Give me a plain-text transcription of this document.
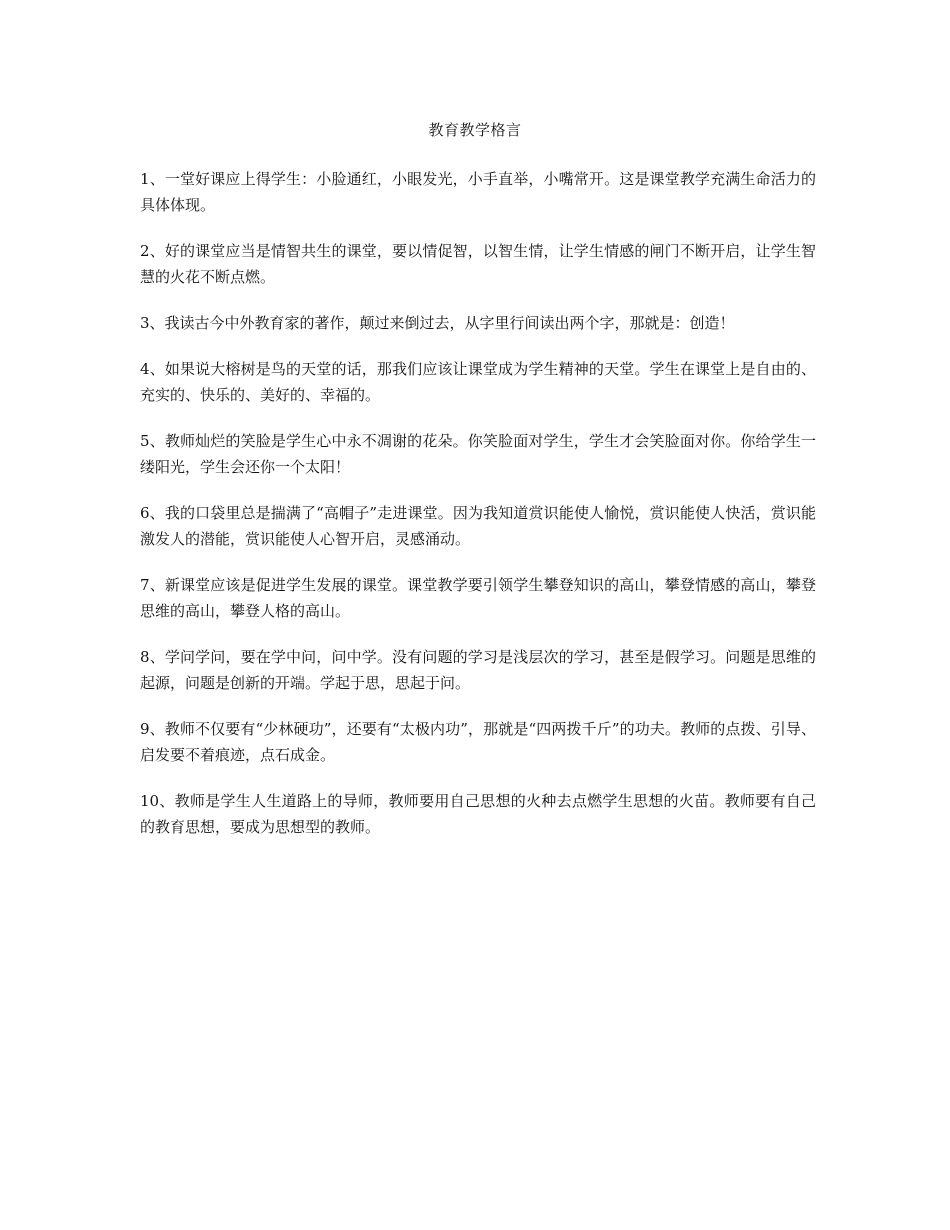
教育教学格言

1、一堂好课应上得学生：小脸通红，小眼发光，小手直举，小嘴常开。这是课堂教学充满生命活力的具体体现。

2、好的课堂应当是情智共生的课堂，要以情促智，以智生情，让学生情感的闸门不断开启，让学生智慧的火花不断点燃。

3、我读古今中外教育家的著作，颠过来倒过去，从字里行间读出两个字，那就是：创造！

4、如果说大榕树是鸟的天堂的话，那我们应该让课堂成为学生精神的天堂。学生在课堂上是自由的、充实的、快乐的、美好的、幸福的。

5、教师灿烂的笑脸是学生心中永不凋谢的花朵。你笑脸面对学生，学生才会笑脸面对你。你给学生一缕阳光，学生会还你一个太阳！

6、我的口袋里总是揣满了“高帽子”走进课堂。因为我知道赏识能使人愉悦，赏识能使人快活，赏识能激发人的潜能，赏识能使人心智开启，灵感涌动。

7、新课堂应该是促进学生发展的课堂。课堂教学要引领学生攀登知识的高山，攀登情感的高山，攀登思维的高山，攀登人格的高山。

8、学问学问，要在学中问，问中学。没有问题的学习是浅层次的学习，甚至是假学习。问题是思维的起源，问题是创新的开端。学起于思，思起于问。

9、教师不仅要有“少林硬功”，还要有“太极内功”，那就是“四两拨千斤”的功夫。教师的点拨、引导、启发要不着痕迹，点石成金。

10、教师是学生人生道路上的导师，教师要用自己思想的火种去点燃学生思想的火苗。教师要有自己的教育思想，要成为思想型的教师。
